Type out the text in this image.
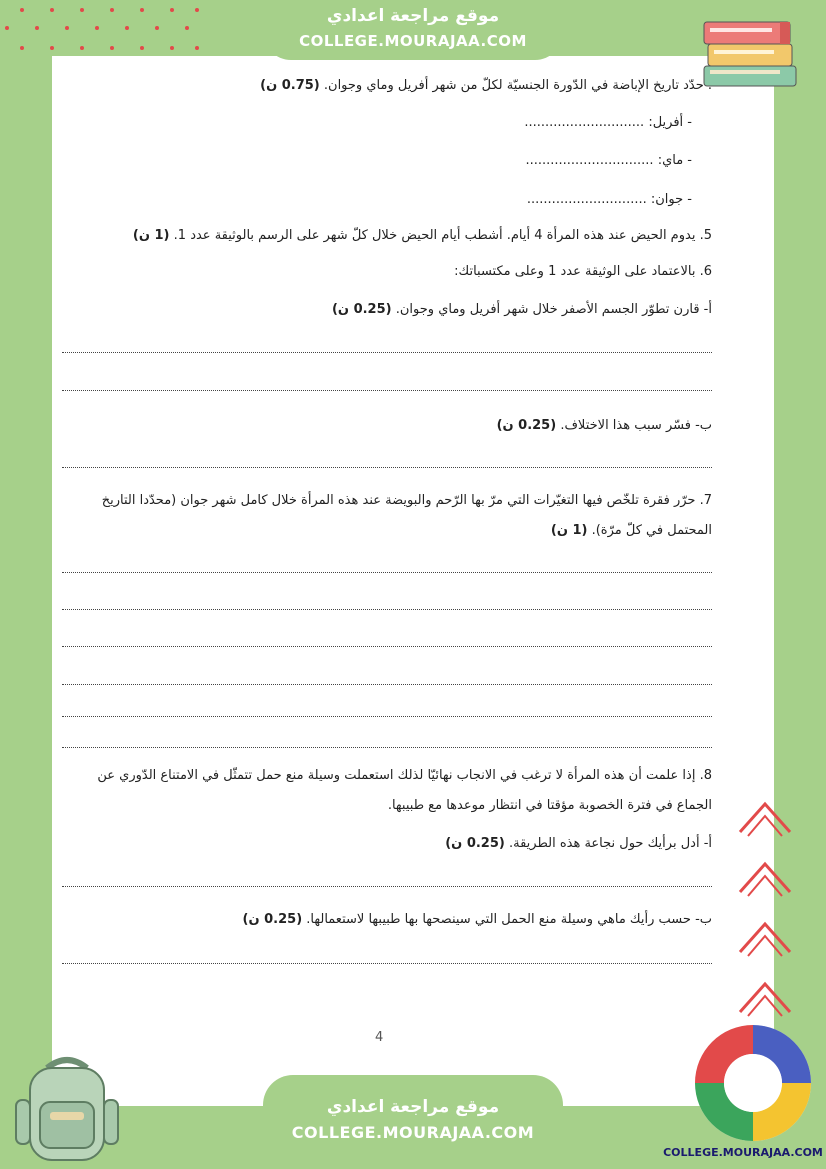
موقع مراجعة اعدادي
COLLEGE.MOURAJAA.COM
. حدّد تاريخ الإباضة في الدّورة الجنسيّة لكلّ من شهر أفريل وماي وجوان. (0.75 ن)
- أفريل: .............................
- ماي: ...............................
- جوان: .............................
5. يدوم الحيض عند هذه المرأة 4 أيام. أشطب أيام الحيض خلال كلّ شهر على الرسم بالوثيقة عدد 1. (1 ن)
6. بالاعتماد على الوثيقة عدد 1 وعلى مكتسباتك:
أ- قارن تطوّر الجسم الأصفر خلال شهر أفريل وماي وجوان. (0.25 ن)
ب- فسّر سبب هذا الاختلاف. (0.25 ن)
7. حرّر فقرة تلخّص فيها التغيّرات التي مرّ بها الرّحم والبويضة عند هذه المرأة خلال كامل شهر جوان (محدّدا التاريخ المحتمل في كلّ مرّة). (1 ن)
8. إذا علمت أن هذه المرأة لا ترغب في الانجاب نهائيّا لذلك استعملت وسيلة منع حمل تتمثّل في الامتناع الدّوري عن الجماع في فترة الخصوبة مؤقتا في انتظار موعدها مع طبيبها.
أ- أدل برأيك حول نجاعة هذه الطريقة. (0.25 ن)
ب- حسب رأيك ماهي وسيلة منع الحمل التي سينصحها بها طبيبها لاستعمالها. (0.25 ن)
4
موقع مراجعة اعدادي
COLLEGE.MOURAJAA.COM
COLLEGE.MOURAJAA.COM
